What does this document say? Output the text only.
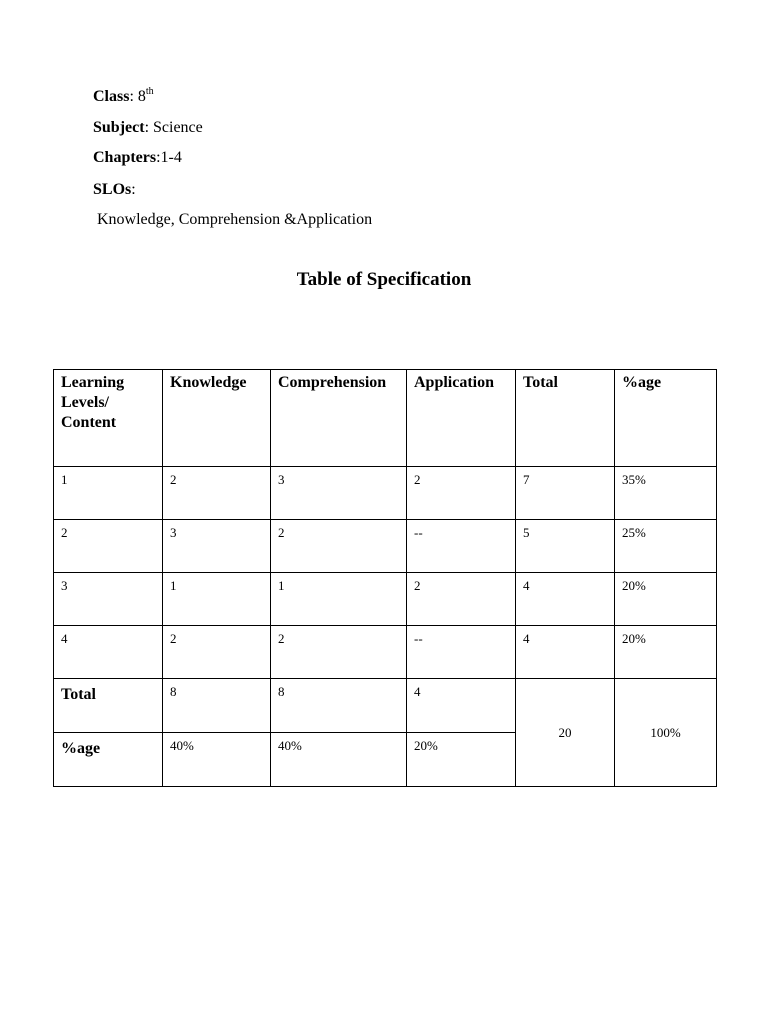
Class: 8th
Subject: Science
Chapters:1-4
SLOs:
Knowledge, Comprehension &Application
Table of Specification
Learning Levels/ Content	Knowledge	Comprehension	Application	Total	%age
1	2	3	2	7	35%
2	3	2	--	5	25%
3	1	1	2	4	20%
4	2	2	--	4	20%
Total	8	8	4	20	100%
%age	40%	40%	20%		
